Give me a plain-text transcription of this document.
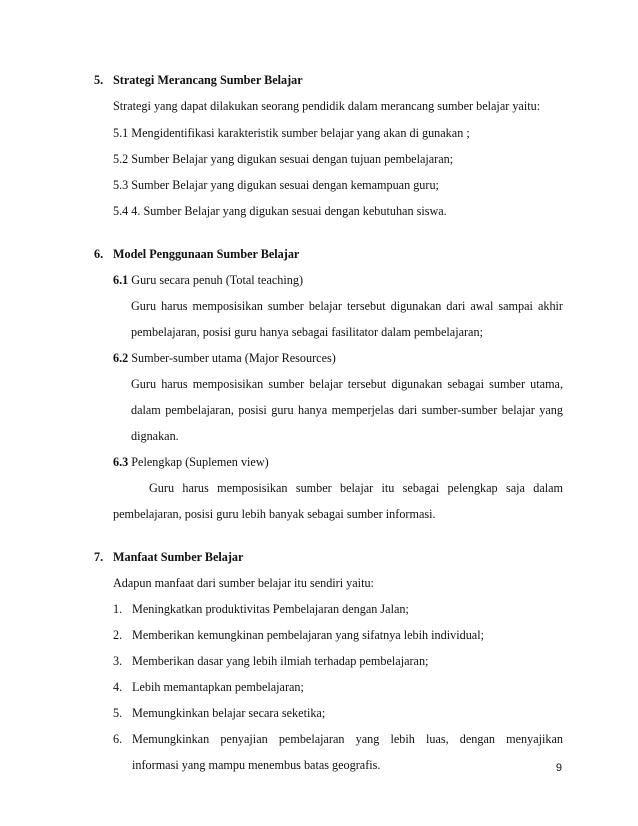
5. Strategi Merancang Sumber Belajar
Strategi yang dapat dilakukan seorang pendidik dalam merancang sumber belajar yaitu:
5.1 Mengidentifikasi karakteristik sumber belajar yang akan di gunakan ;
5.2 Sumber Belajar yang digukan sesuai dengan tujuan pembelajaran;
5.3 Sumber Belajar yang digukan sesuai dengan kemampuan guru;
5.4 4. Sumber Belajar yang digukan sesuai dengan kebutuhan siswa.
6. Model Penggunaan Sumber Belajar
6.1 Guru secara penuh (Total teaching)
Guru harus memposisikan sumber belajar tersebut digunakan dari awal sampai akhir
pembelajaran, posisi guru hanya sebagai fasilitator dalam pembelajaran;
6.2 Sumber-sumber utama (Major Resources)
Guru harus memposisikan sumber belajar tersebut digunakan sebagai sumber utama,
dalam pembelajaran, posisi guru hanya memperjelas dari sumber-sumber belajar yang
dignakan.
6.3 Pelengkap (Suplemen view)
Guru harus memposisikan sumber belajar itu sebagai pelengkap saja dalam
pembelajaran, posisi guru lebih banyak sebagai sumber informasi.
7. Manfaat Sumber Belajar
Adapun manfaat dari sumber belajar itu sendiri yaitu:
1. Meningkatkan produktivitas Pembelajaran dengan Jalan;
2. Memberikan kemungkinan pembelajaran yang sifatnya lebih individual;
3. Memberikan dasar yang lebih ilmiah terhadap pembelajaran;
4. Lebih memantapkan pembelajaran;
5. Memungkinkan belajar secara seketika;
6. Memungkinkan penyajian pembelajaran yang lebih luas, dengan menyajikan
informasi yang mampu menembus batas geografis.	9
